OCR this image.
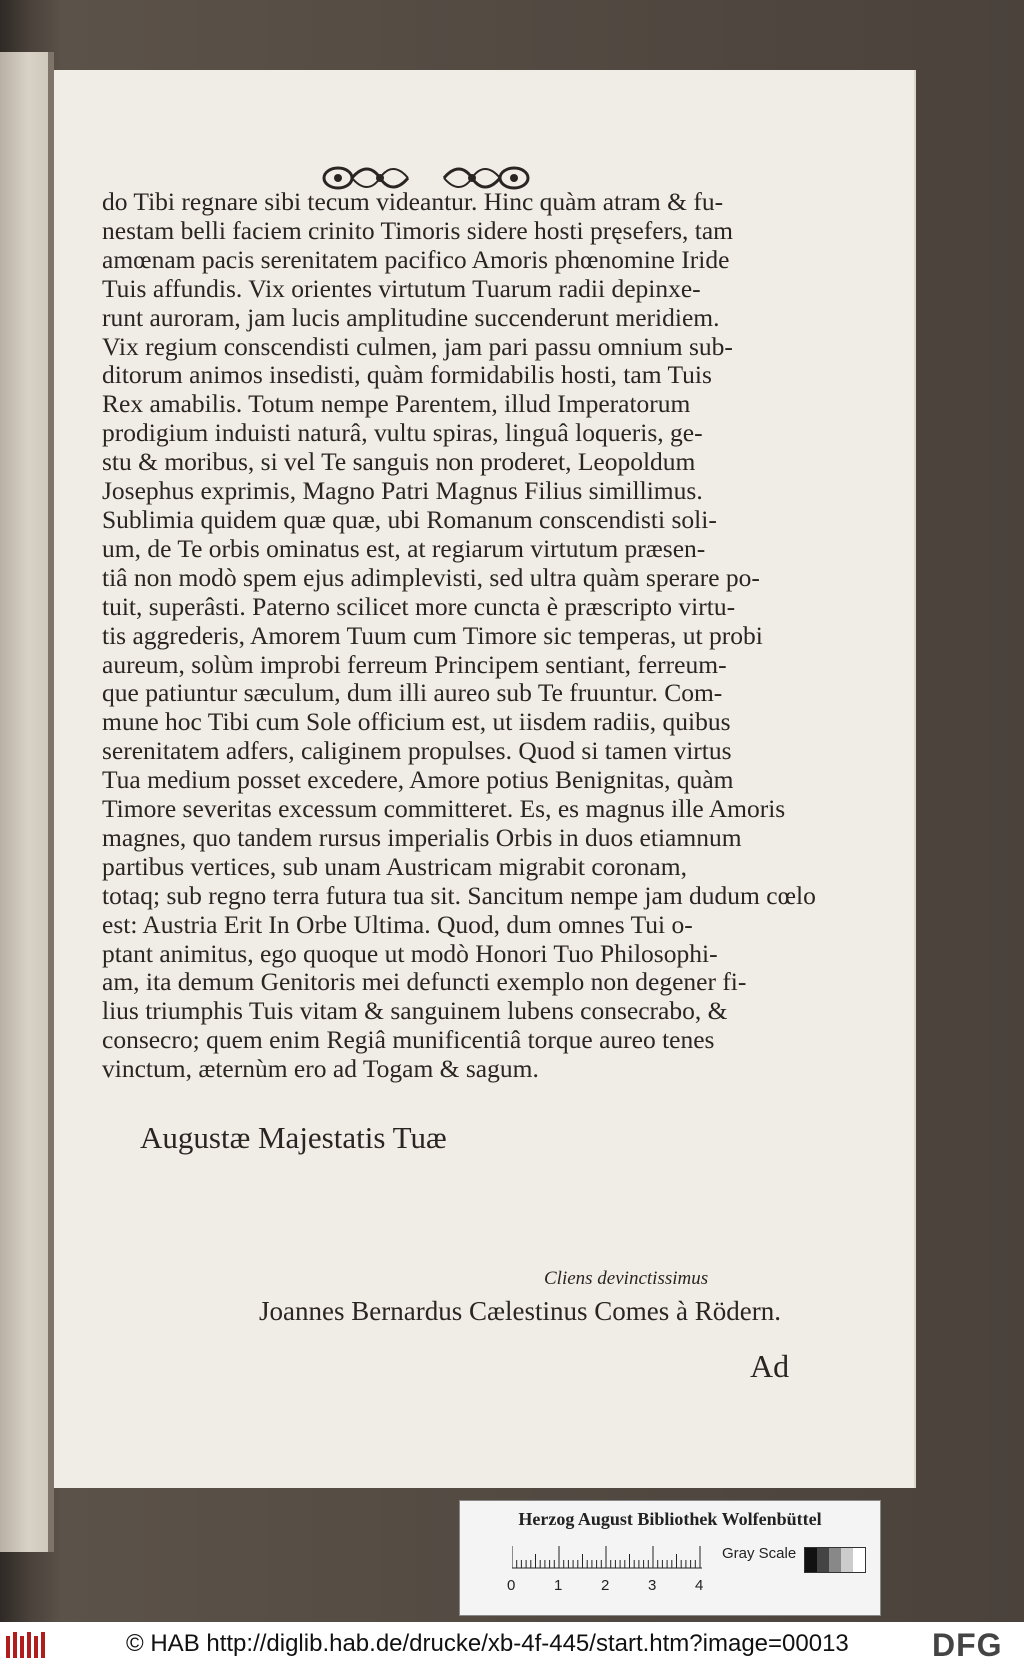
do Tibi regnare sibi tecum videantur. Hinc quàm atram & fu-

nestam belli faciem crinito Timoris sidere hosti pręsefers, tam

amœnam pacis serenitatem pacifico Amoris phœnomine Iride

Tuis affundis. Vix orientes virtutum Tuarum radii depinxe-

runt auroram, jam lucis amplitudine succenderunt meridiem.

Vix regium conscendisti culmen, jam pari passu omnium sub-

ditorum animos insedisti, quàm formidabilis hosti, tam Tuis

Rex amabilis. Totum nempe Parentem, illud Imperatorum

prodigium induisti naturâ, vultu spiras, linguâ loqueris, ge-

stu & moribus, si vel Te sanguis non proderet, Leopoldum

Josephus exprimis, Magno Patri Magnus Filius simillimus.

Sublimia quidem quæ quæ, ubi Romanum conscendisti soli-

um, de Te orbis ominatus est, at regiarum virtutum præsen-

tiâ non modò spem ejus adimplevisti, sed ultra quàm sperare po-

tuit, superâsti. Paterno scilicet more cuncta è præscripto virtu-

tis aggrederis, Amorem Tuum cum Timore sic temperas, ut probi

aureum, solùm improbi ferreum Principem sentiant, ferreum-

que patiuntur sæculum, dum illi aureo sub Te fruuntur. Com-

mune hoc Tibi cum Sole officium est, ut iisdem radiis, quibus

serenitatem adfers, caliginem propulses. Quod si tamen virtus

Tua medium posset excedere, Amore potius Benignitas, quàm

Timore severitas excessum committeret. Es, es magnus ille Amoris

magnes, quo tandem rursus imperialis Orbis in duos etiamnum

partibus vertices, sub unam Austricam migrabit coronam,

totaq; sub regno terra futura tua sit. Sancitum nempe jam dudum cœlo

est: Austria Erit In Orbe Ultima. Quod, dum omnes Tui o-

ptant animitus, ego quoque ut modò Honori Tuo Philosophi-

am, ita demum Genitoris mei defuncti exemplo non degener fi-

lius triumphis Tuis vitam & sanguinem lubens consecrabo, &

consecro; quem enim Regiâ munificentiâ torque aureo tenes

vinctum, æternùm ero ad Togam & sagum.

Augustæ Majestatis Tuæ
Cliens devinctissimus
Joannes Bernardus Cælestinus Comes à Rödern.
Ad
Herzog August Bibliothek Wolfenbüttel
0	1	2	3	4
Gray Scale
© HAB http://diglib.hab.de/drucke/xb-4f-445/start.htm?image=00013	DFG
